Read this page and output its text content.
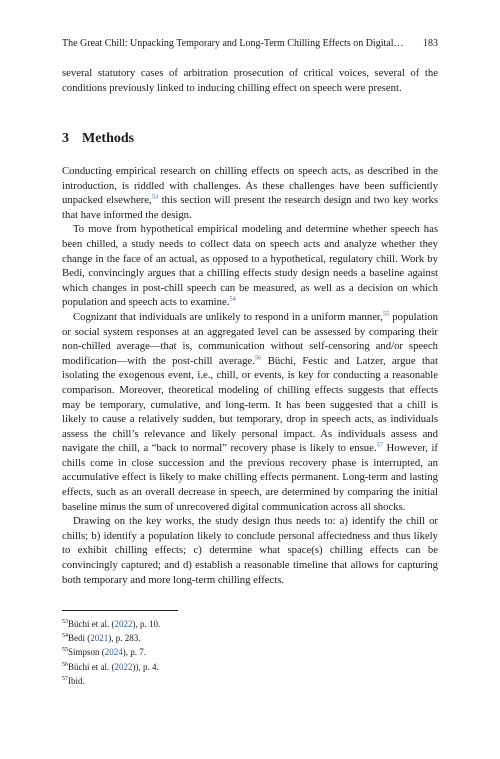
The Great Chill: Unpacking Temporary and Long-Term Chilling Effects on Digital… 183

several statutory cases of arbitration prosecution of critical voices, several of the conditions previously linked to inducing chilling effect on speech were present.

3 Methods

Conducting empirical research on chilling effects on speech acts, as described in the introduction, is riddled with challenges. As these challenges have been sufficiently unpacked elsewhere,$^{53}$ this section will present the research design and two key works that have informed the design.

To move from hypothetical empirical modeling and determine whether speech has been chilled, a study needs to collect data on speech acts and analyze whether they change in the face of an actual, as opposed to a hypothetical, regulatory chill. Work by Bedi, convincingly argues that a chilling effects study design needs a baseline against which changes in post-chill speech can be measured, as well as a decision on which population and speech acts to examine.$^{54}$

Cognizant that individuals are unlikely to respond in a uniform manner,$^{55}$ population or social system responses at an aggregated level can be assessed by comparing their non-chilled average—that is, communication without self-censoring and/or speech modification—with the post-chill average.$^{56}$ Büchi, Festic and Latzer, argue that isolating the exogenous event, i.e., chill, or events, is key for conducting a reasonable comparison. Moreover, theoretical modeling of chilling effects suggests that effects may be temporary, cumulative, and long-term. It has been suggested that a chill is likely to cause a relatively sudden, but temporary, drop in speech acts, as individuals assess the chill’s relevance and likely personal impact. As individuals assess and navigate the chill, a “back to normal” recovery phase is likely to ensue.$^{57}$ However, if chills come in close succession and the previous recovery phase is interrupted, an accumulative effect is likely to make chilling effects permanent. Long-term and lasting effects, such as an overall decrease in speech, are determined by comparing the initial baseline minus the sum of unrecovered digital communication across all shocks.

Drawing on the key works, the study design thus needs to: a) identify the chill or chills; b) identify a population likely to conclude personal affectedness and thus likely to exhibit chilling effects; c) determine what space(s) chilling effects can be convincingly captured; and d) establish a reasonable timeline that allows for capturing both temporary and more long-term chilling effects.

$^{53}$Büchi et al. (2022), p. 10.
$^{54}$Bedi (2021), p. 283.
$^{55}$Simpson (2024), p. 7.
$^{56}$Büchi et al. (2022)), p. 4.
$^{57}$Ibid.
